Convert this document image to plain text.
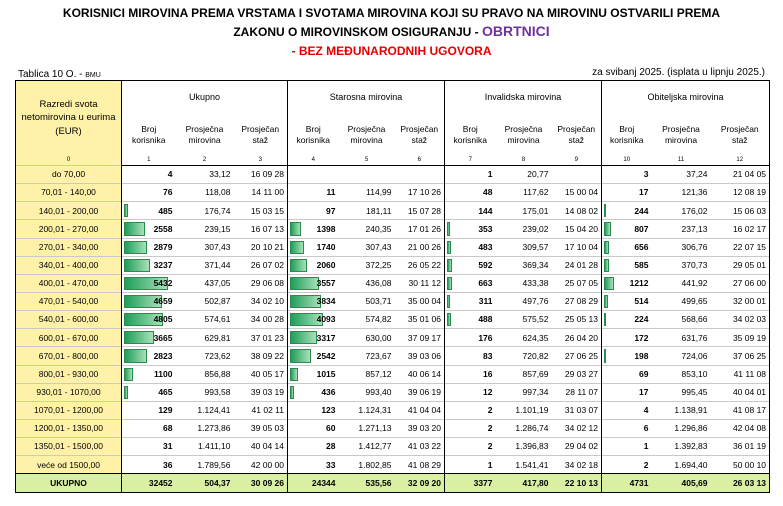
KORISNICI MIROVINA PREMA VRSTAMA I SVOTAMA MIROVINA KOJI SU PRAVO NA MIROVINU OSTVARILI PREMA
ZAKONU O MIROVINSKOM OSIGURANJU - OBRTNICI
- BEZ MEĐUNARODNIH UGOVORA
Tablica 10 O. - BMU	za svibanj 2025. (isplata u lipnju 2025.)
Razredi svota netomirovina u eurima (EUR)	Ukupno			Starosna mirovina			Invalidska mirovina			Obiteljska mirovina		
	Broj korisnika	Prosječna mirovina	Prosječan staž	Broj korisnika	Prosječna mirovina	Prosječan staž	Broj korisnika	Prosječna mirovina	Prosječan staž	Broj korisnika	Prosječna mirovina	Prosječan staž
0	1	2	3	4	5	6	7	8	9	10	11	12
do 70,00	4	33,12	16 09 28				1	20,77		3	37,24	21 04 05
70,01 - 140,00	76	118,08	14 11 00	11	114,99	17 10 26	48	117,62	15 00 04	17	121,36	12 08 19
140,01 - 200,00	485	176,74	15 03 15	97	181,11	15 07 28	144	175,01	14 08 02	244	176,02	15 06 03
200,01 - 270,00	2558	239,15	16 07 13	1398	240,35	17 01 26	353	239,02	15 04 20	807	237,13	16 02 17
270,01 - 340,00	2879	307,43	20 10 21	1740	307,43	21 00 26	483	309,57	17 10 04	656	306,76	22 07 15
340,01 - 400,00	3237	371,44	26 07 02	2060	372,25	26 05 22	592	369,34	24 01 28	585	370,73	29 05 01
400,01 - 470,00	5432	437,05	29 06 08	3557	436,08	30 11 12	663	433,38	25 07 05	1212	441,92	27 06 00
470,01 - 540,00	4659	502,87	34 02 10	3834	503,71	35 00 04	311	497,76	27 08 29	514	499,65	32 00 01
540,01 - 600,00	4805	574,61	34 00 28	4093	574,82	35 01 06	488	575,52	25 05 13	224	568,66	34 02 03
600,01 - 670,00	3665	629,81	37 01 23	3317	630,00	37 09 17	176	624,35	26 04 20	172	631,76	35 09 19
670,01 - 800,00	2823	723,62	38 09 22	2542	723,67	39 03 06	83	720,82	27 06 25	198	724,06	37 06 25
800,01 - 930,00	1100	856,88	40 05 17	1015	857,12	40 06 14	16	857,69	29 03 27	69	853,10	41 11 08
930,01 - 1070,00	465	993,58	39 03 19	436	993,40	39 06 19	12	997,34	28 11 07	17	995,45	40 04 01
1070,01 - 1200,00	129	1.124,41	41 02 11	123	1.124,31	41 04 04	2	1.101,19	31 03 07	4	1.138,91	41 08 17
1200,01 - 1350,00	68	1.273,86	39 05 03	60	1.271,13	39 03 20	2	1.286,74	34 02 12	6	1.296,86	42 04 08
1350,01 - 1500,00	31	1.411,10	40 04 14	28	1.412,77	41 03 22	2	1.396,83	29 04 02	1	1.392,83	36 01 19
veće od 1500,00	36	1.789,56	42 00 00	33	1.802,85	41 08 29	1	1.541,41	34 02 18	2	1.694,40	50 00 10
UKUPNO	32452	504,37	30 09 26	24344	535,56	32 09 20	3377	417,80	22 10 13	4731	405,69	26 03 13
